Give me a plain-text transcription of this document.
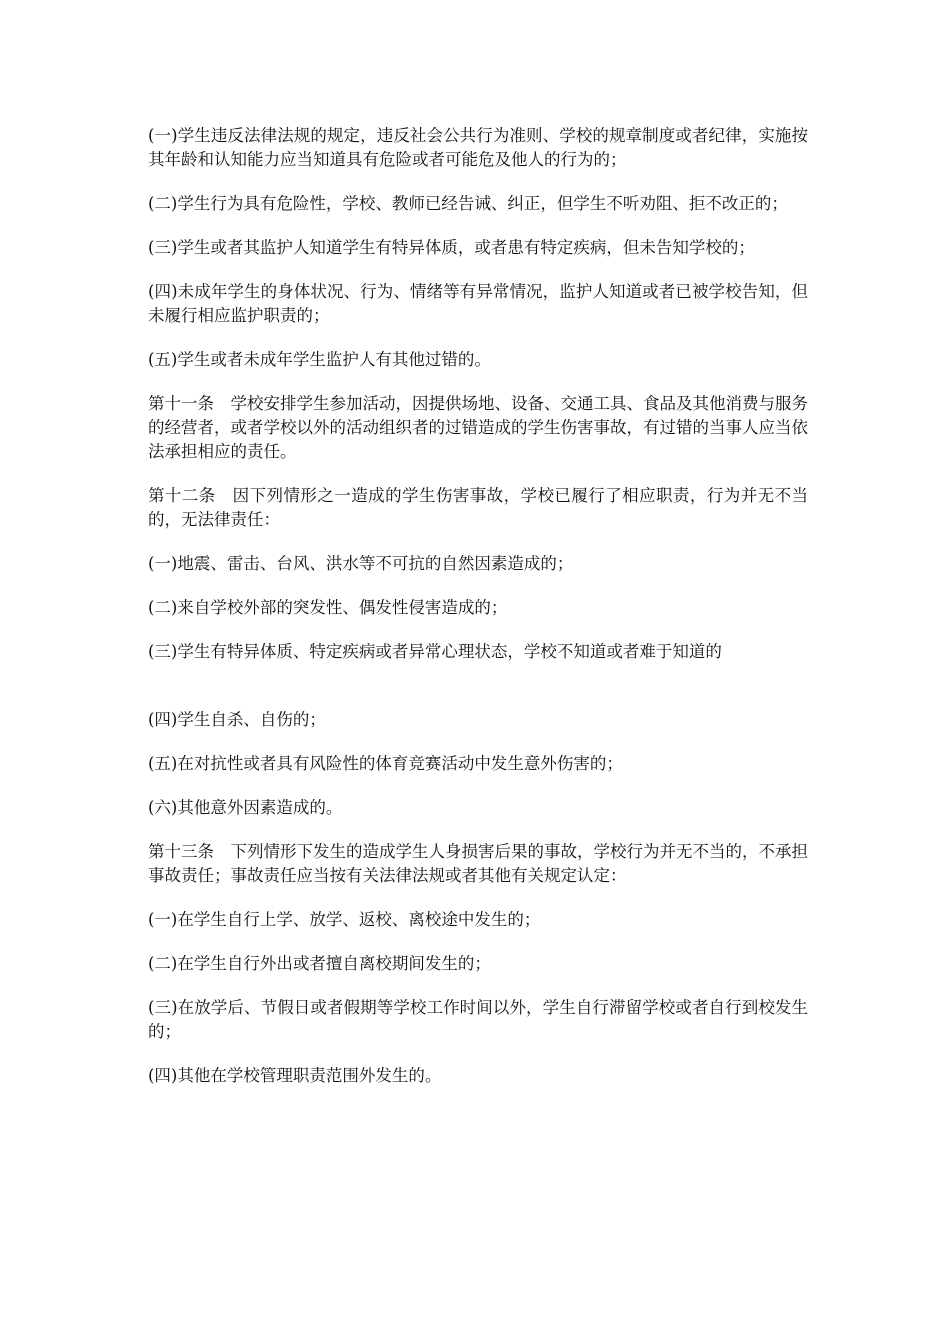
(一)学生违反法律法规的规定，违反社会公共行为准则、学校的规章制度或者纪律，实施按其年龄和认知能力应当知道具有危险或者可能危及他人的行为的；

(二)学生行为具有危险性，学校、教师已经告诫、纠正，但学生不听劝阻、拒不改正的；

(三)学生或者其监护人知道学生有特异体质，或者患有特定疾病，但未告知学校的；

(四)未成年学生的身体状况、行为、情绪等有异常情况，监护人知道或者已被学校告知，但未履行相应监护职责的；

(五)学生或者未成年学生监护人有其他过错的。

第十一条　学校安排学生参加活动，因提供场地、设备、交通工具、食品及其他消费与服务的经营者，或者学校以外的活动组织者的过错造成的学生伤害事故，有过错的当事人应当依法承担相应的责任。

第十二条　因下列情形之一造成的学生伤害事故，学校已履行了相应职责，行为并无不当的，无法律责任：

(一)地震、雷击、台风、洪水等不可抗的自然因素造成的；

(二)来自学校外部的突发性、偶发性侵害造成的；

(三)学生有特异体质、特定疾病或者异常心理状态，学校不知道或者难于知道的

(四)学生自杀、自伤的；

(五)在对抗性或者具有风险性的体育竞赛活动中发生意外伤害的；

(六)其他意外因素造成的。

第十三条　下列情形下发生的造成学生人身损害后果的事故，学校行为并无不当的，不承担事故责任；事故责任应当按有关法律法规或者其他有关规定认定：

(一)在学生自行上学、放学、返校、离校途中发生的；

(二)在学生自行外出或者擅自离校期间发生的；

(三)在放学后、节假日或者假期等学校工作时间以外，学生自行滞留学校或者自行到校发生的；

(四)其他在学校管理职责范围外发生的。
